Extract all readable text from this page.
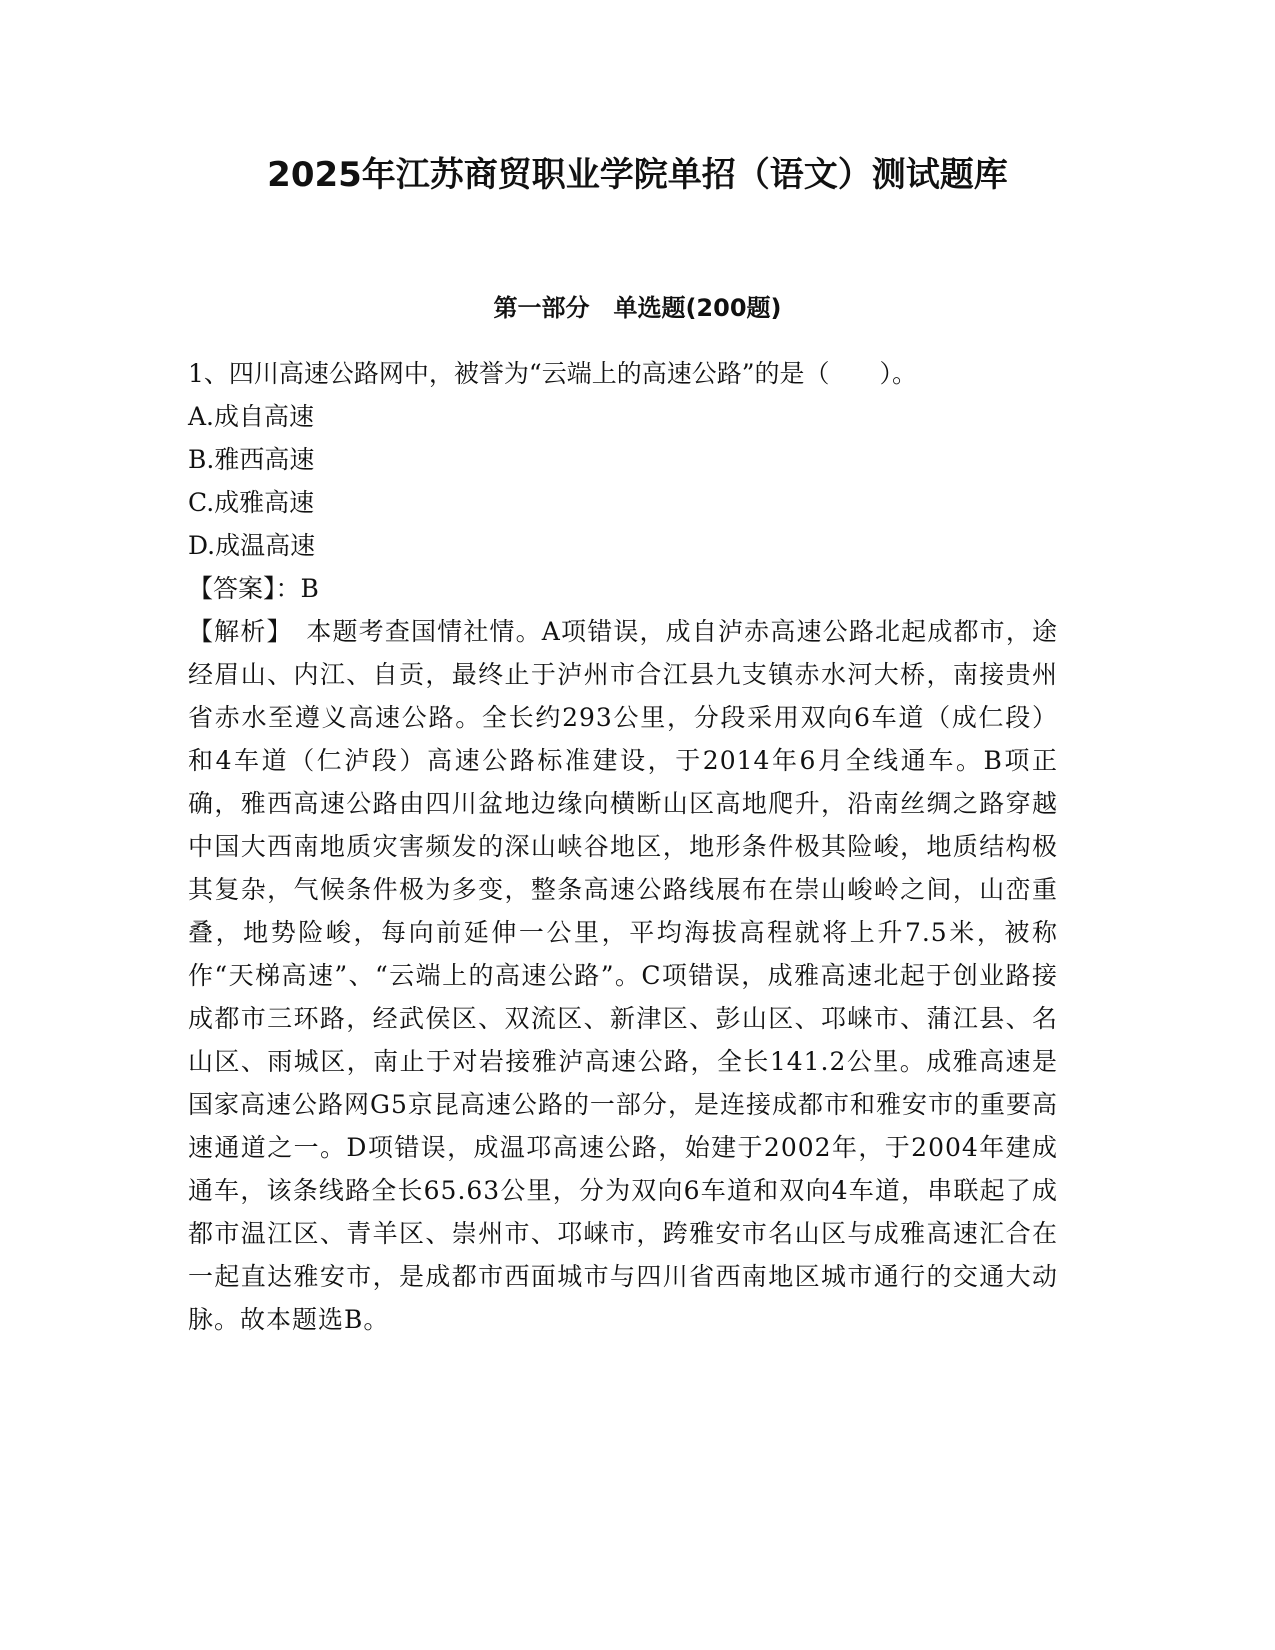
2025年江苏商贸职业学院单招（语文）测试题库
第一部分　单选题(200题)
1、四川高速公路网中，被誉为“云端上的高速公路”的是（　　）。
A.成自高速
B.雅西高速
C.成雅高速
D.成温高速
【答案】：B
【解析】　本题考查国情社情。A项错误，成自泸赤高速公路北起成都市，途经眉山、内江、自贡，最终止于泸州市合江县九支镇赤水河大桥，南接贵州省赤水至遵义高速公路。全长约293公里，分段采用双向6车道（成仁段）和4车道（仁泸段）高速公路标准建设，于2014年6月全线通车。B项正确，雅西高速公路由四川盆地边缘向横断山区高地爬升，沿南丝绸之路穿越中国大西南地质灾害频发的深山峡谷地区，地形条件极其险峻，地质结构极其复杂，气候条件极为多变，整条高速公路线展布在崇山峻岭之间，山峦重叠，地势险峻，每向前延伸一公里，平均海拔高程就将上升7.5米，被称作“天梯高速”、“云端上的高速公路”。C项错误，成雅高速北起于创业路接成都市三环路，经武侯区、双流区、新津区、彭山区、邛崃市、蒲江县、名山区、雨城区，南止于对岩接雅泸高速公路，全长141.2公里。成雅高速是国家高速公路网G5京昆高速公路的一部分，是连接成都市和雅安市的重要高速通道之一。D项错误，成温邛高速公路，始建于2002年，于2004年建成通车，该条线路全长65.63公里，分为双向6车道和双向4车道，串联起了成都市温江区、青羊区、崇州市、邛崃市，跨雅安市名山区与成雅高速汇合在一起直达雅安市，是成都市西面城市与四川省西南地区城市通行的交通大动脉。故本题选B。
